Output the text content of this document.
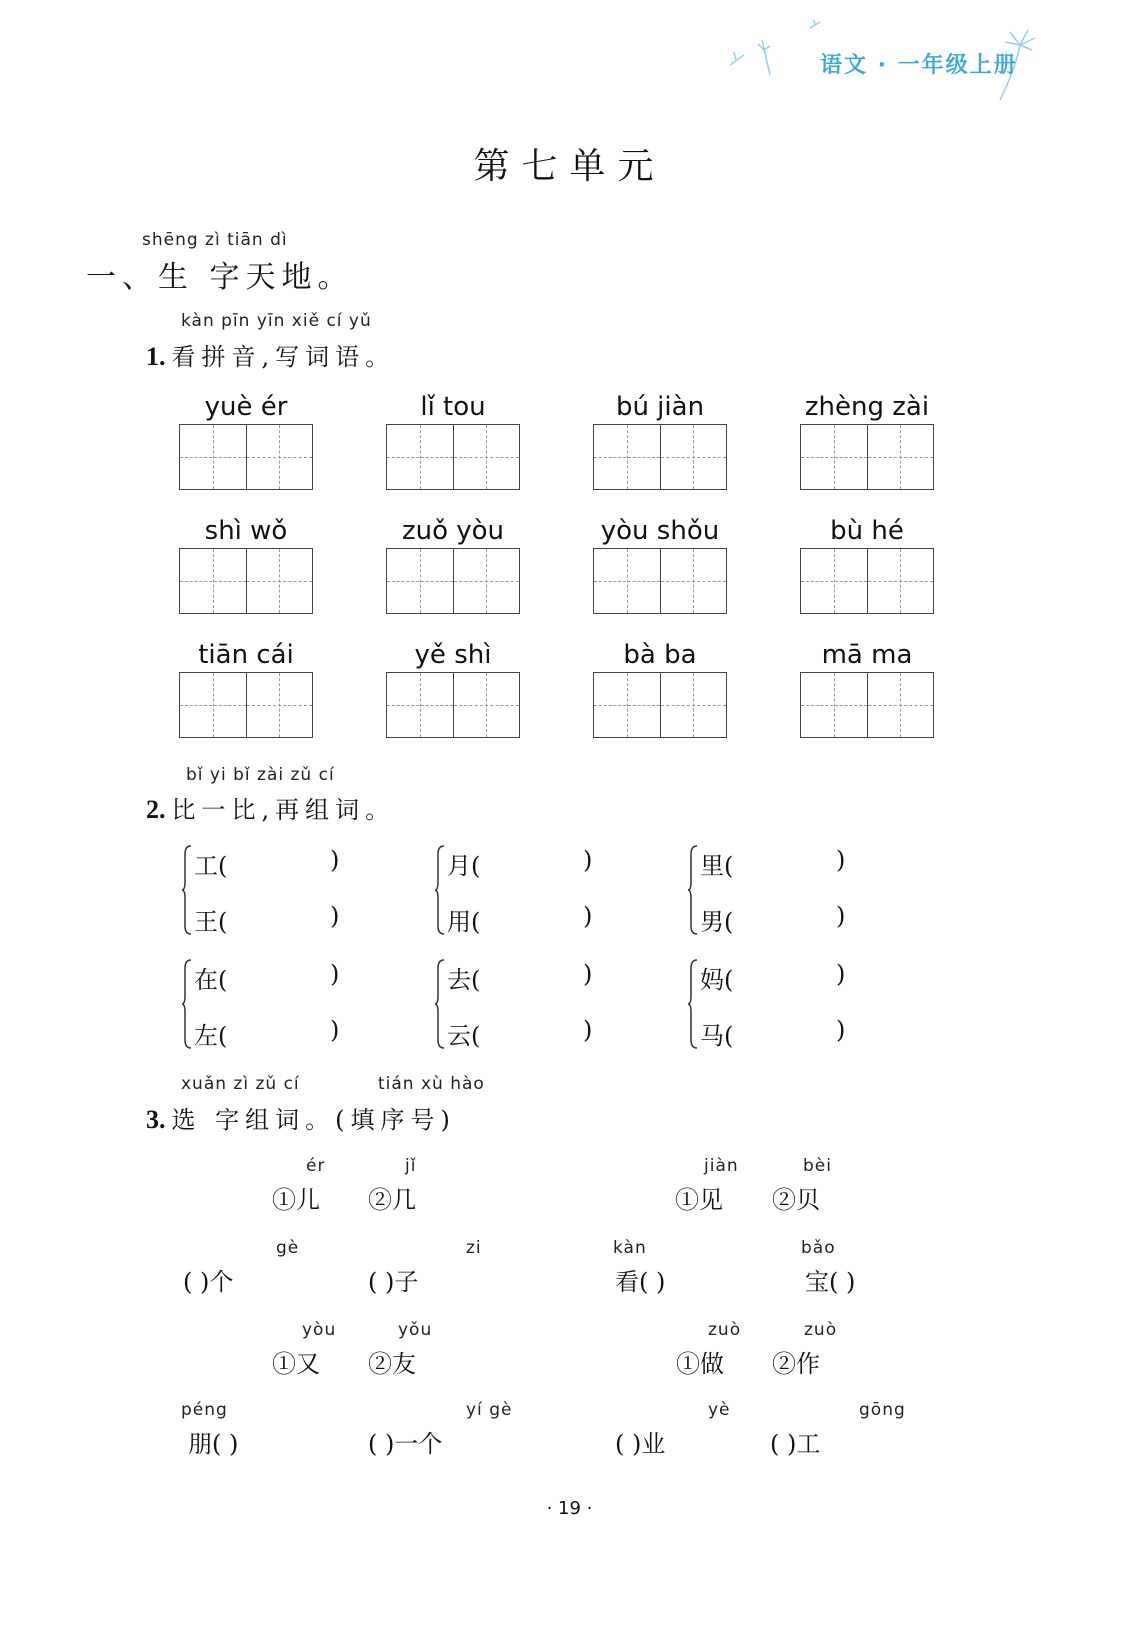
语文 · 一年级上册
第七单元
shēng zì tiān dì
一、生 字天地。
kàn pīn yīn xiě cí yǔ
1. 看拼音,写词语。
yuè ér	lǐ tou	bú jiàn	zhèng zài
shì wǒ	zuǒ yòu	yòu shǒu	bù hé
tiān cái	yě shì	bà ba	mā ma
bǐ yi bǐ zài zǔ cí
2. 比一比,再组词。
工(	)
王(	)
月(	)
用(	)
里(	)
男(	)
在(	)
左(	)
去(	)
云(	)
妈(	)
马(	)
xuǎn zì zǔ cí	tián xù hào
3. 选 字组词。(填序号)
ér	jǐ
①儿 ②几
gè
( )个
zi
( )子
jiàn	bèi
①见 ②贝
kàn
看( )
bǎo
宝( )
yòu	yǒu
①又 ②友
péng
朋( )
yí gè
( )一个
zuò	zuò
①做 ②作
yè
( )业
gōng
( )工
· 19 ·
